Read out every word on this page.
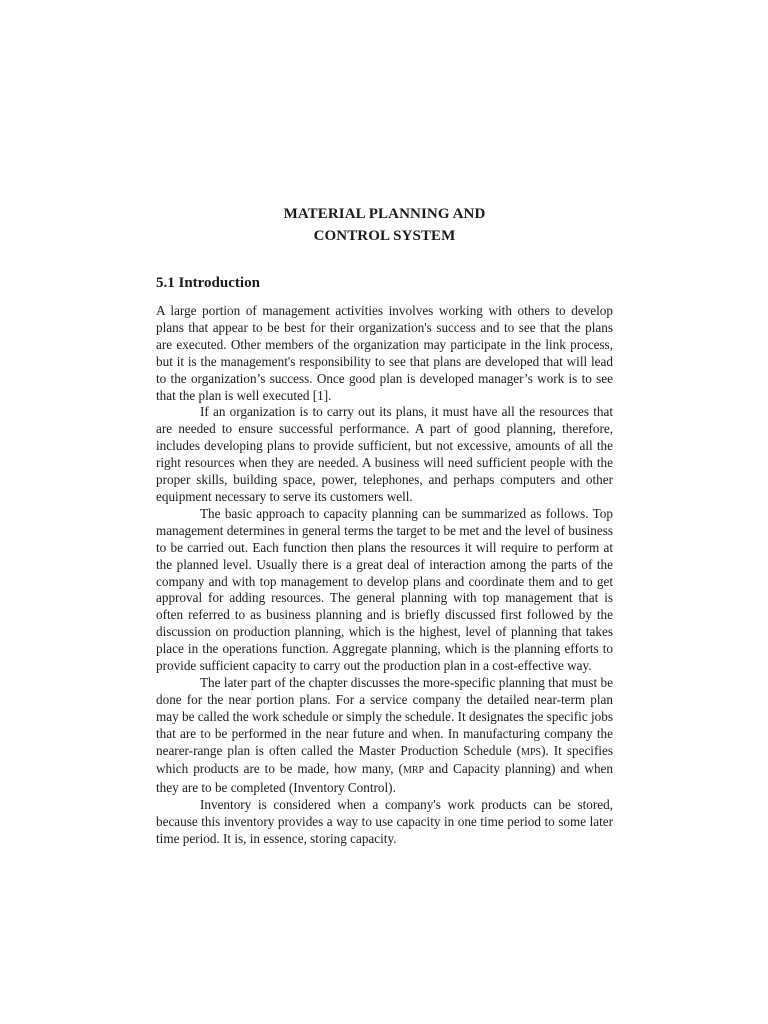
MATERIAL PLANNING AND
CONTROL SYSTEM
5.1 Introduction

A large portion of management activities involves working with others to develop plans that appear to be best for their organization's success and to see that the plans are executed. Other members of the organization may participate in the link process, but it is the management's responsibility to see that plans are developed that will lead to the organization’s success. Once good plan is developed manager’s work is to see that the plan is well executed [1].

If an organization is to carry out its plans, it must have all the resources that are needed to ensure successful performance. A part of good planning, therefore, includes developing plans to provide sufficient, but not excessive, amounts of all the right resources when they are needed. A business will need sufficient people with the proper skills, building space, power, telephones, and perhaps computers and other equipment necessary to serve its customers well.

The basic approach to capacity planning can be summarized as follows. Top management determines in general terms the target to be met and the level of business to be carried out. Each function then plans the resources it will require to perform at the planned level. Usually there is a great deal of interaction among the parts of the company and with top management to develop plans and coordinate them and to get approval for adding resources. The general planning with top management that is often referred to as business planning and is briefly discussed first followed by the discussion on production planning, which is the highest, level of planning that takes place in the operations function. Aggregate planning, which is the planning efforts to provide sufficient capacity to carry out the production plan in a cost-effective way.

The later part of the chapter discusses the more-specific planning that must be done for the near portion plans. For a service company the detailed near-term plan may be called the work schedule or simply the schedule. It designates the specific jobs that are to be performed in the near future and when. In manufacturing company the nearer-range plan is often called the Master Production Schedule (MPS). It specifies which products are to be made, how many, (MRP and Capacity planning) and when they are to be completed (Inventory Control).

Inventory is considered when a company's work products can be stored, because this inventory provides a way to use capacity in one time period to some later time period. It is, in essence, storing capacity.
